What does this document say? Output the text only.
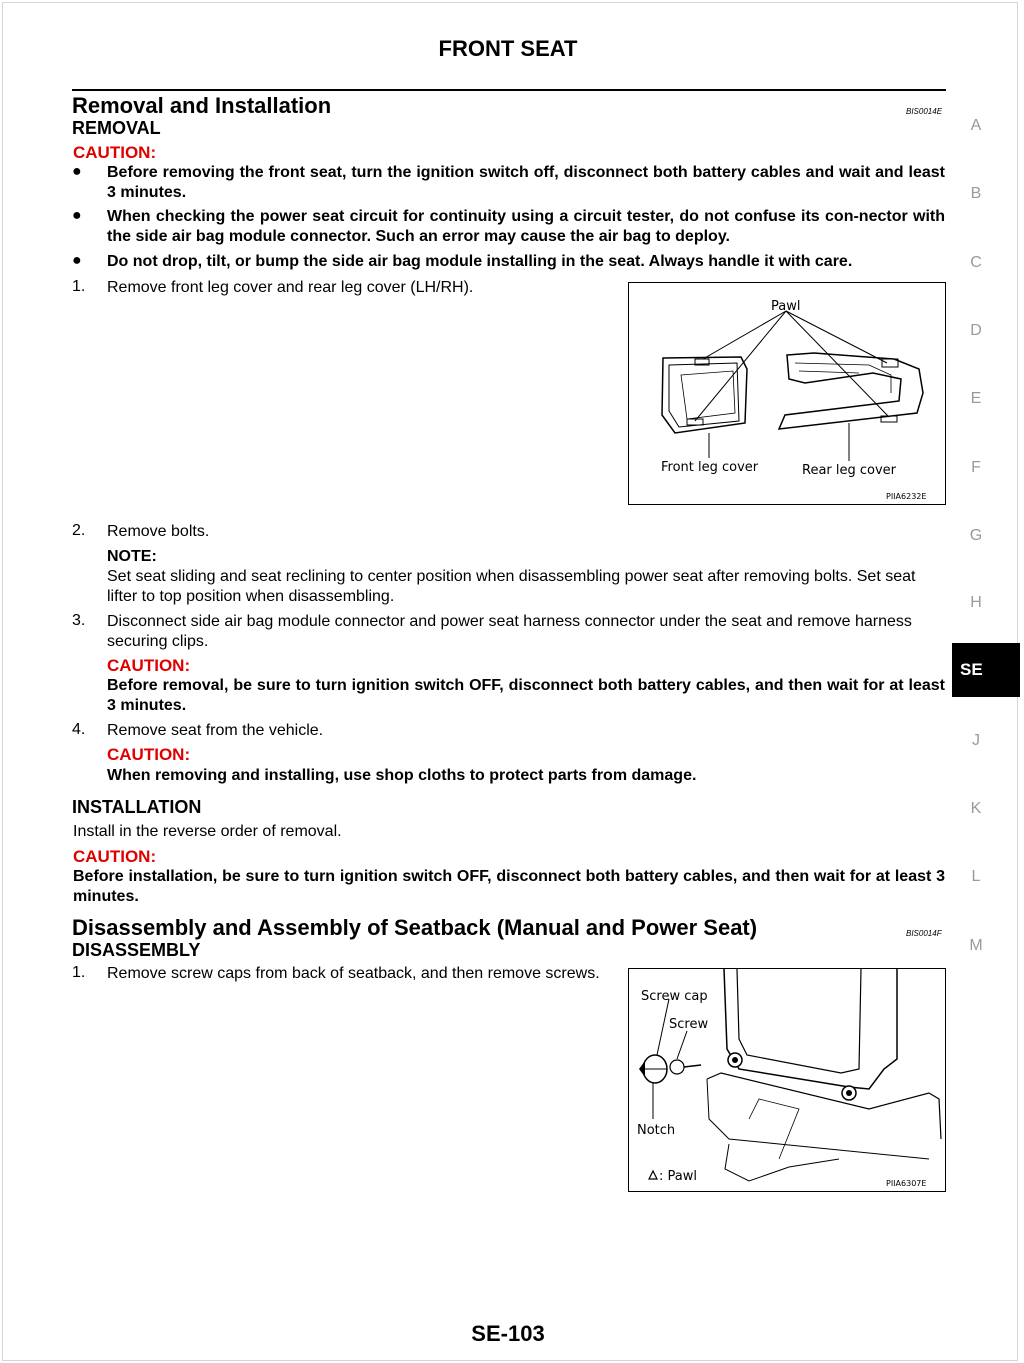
FRONT SEAT
A
B
C
D
E
F
G
H
SE
J
K
L
M
Removal and Installation	BIS0014E
REMOVAL
CAUTION:
● Before removing the front seat, turn the ignition switch off, disconnect both battery cables and wait and least 3 minutes.
● When checking the power seat circuit for continuity using a circuit tester, do not confuse its con-nector with the side air bag module connector. Such an error may cause the air bag to deploy.
● Do not drop, tilt, or bump the side air bag module installing in the seat. Always handle it with care.
1. Remove front leg cover and rear leg cover (LH/RH).
Pawl
Front leg cover	Rear leg cover
PIIA6232E
2. Remove bolts.
NOTE:
Set seat sliding and seat reclining to center position when disassembling power seat after removing bolts. Set seat lifter to top position when disassembling.
3. Disconnect side air bag module connector and power seat harness connector under the seat and remove harness securing clips.
CAUTION:
Before removal, be sure to turn ignition switch OFF, disconnect both battery cables, and then wait for at least 3 minutes.
4. Remove seat from the vehicle.
CAUTION:
When removing and installing, use shop cloths to protect parts from damage.
INSTALLATION
Install in the reverse order of removal.
CAUTION:
Before installation, be sure to turn ignition switch OFF, disconnect both battery cables, and then wait for at least 3 minutes.
Disassembly and Assembly of Seatback (Manual and Power Seat)	BIS0014F
DISASSEMBLY
1. Remove screw caps from back of seatback, and then remove screws.
Screw cap
Screw
Notch
: Pawl	PIIA6307E
SE-103
